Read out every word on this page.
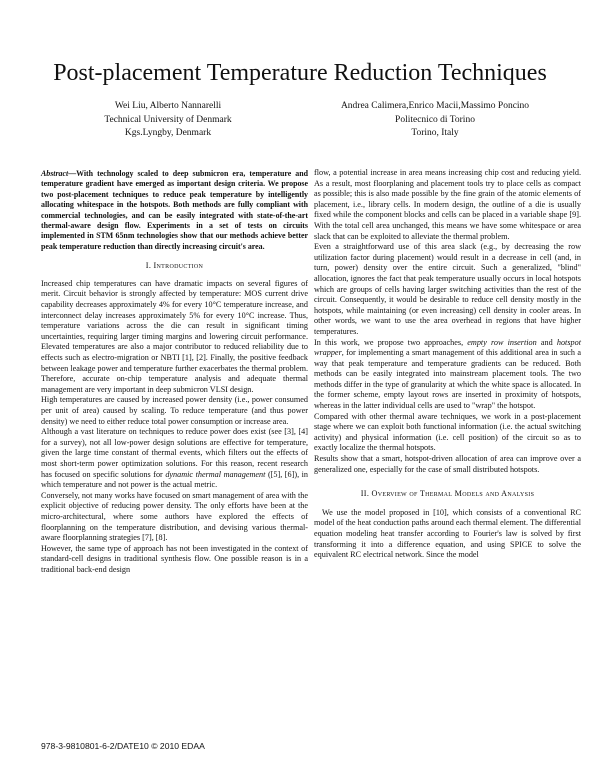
Post-placement Temperature Reduction Techniques
Wei Liu, Alberto Nannarelli
Technical University of Denmark
Kgs.Lyngby, Denmark
Andrea Calimera,Enrico Macii,Massimo Poncino
Politecnico di Torino
Torino, Italy

Abstract—With technology scaled to deep submicron era, temperature and temperature gradient have emerged as important design criteria. We propose two post-placement techniques to reduce peak temperature by intelligently allocating whitespace in the hotspots. Both methods are fully compliant with commercial technologies, and can be easily integrated with state-of-the-art thermal-aware design flow. Experiments in a set of tests on circuits implemented in STM 65nm technologies show that our methods achieve better peak temperature reduction than directly increasing circuit's area.

I. Introduction

Increased chip temperatures can have dramatic impacts on several figures of merit. Circuit behavior is strongly affected by temperature: MOS current drive capability decreases approximately 4% for every 10°C temperature increase, and interconnect delay increases approximately 5% for every 10°C increase. Thus, temperature variations across the die can result in significant timing uncertainties, requiring larger timing margins and lowering circuit performance. Elevated temperatures are also a major contributor to reduced reliability due to effects such as electro-migration or NBTI [1], [2]. Finally, the positive feedback between leakage power and temperature further exacerbates the thermal problem. Therefore, accurate on-chip temperature analysis and adequate thermal management are very important in deep submicron VLSI design.

High temperatures are caused by increased power density (i.e., power consumed per unit of area) caused by scaling. To reduce temperature (and thus power density) we need to either reduce total power consumption or increase area.

Although a vast literature on techniques to reduce power does exist (see [3], [4] for a survey), not all low-power design solutions are effective for temperature, given the large time constant of thermal events, which filters out the effects of most short-term power optimization solutions. For this reason, recent research has focused on specific solutions for dynamic thermal management ([5], [6]), in which temperature and not power is the actual metric.

Conversely, not many works have focused on smart management of area with the explicit objective of reducing power density. The only efforts have been at the micro-architectural, where some authors have explored the effects of floorplanning on the temperature distribution, and devising various thermal-aware floorplanning strategies [7], [8].

However, the same type of approach has not been investigated in the context of standard-cell designs in traditional synthesis flow. One possible reason is in a traditional back-end design

flow, a potential increase in area means increasing chip cost and reducing yield. As a result, most floorplaning and placement tools try to place cells as compact as possible; this is also made possible by the fine grain of the atomic elements of placement, i.e., library cells. In modern design, the outline of a die is usually fixed while the component blocks and cells can be placed in a variable shape [9]. With the total cell area unchanged, this means we have some whitespace or area slack that can be exploited to alleviate the thermal problem.

Even a straightforward use of this area slack (e.g., by decreasing the row utilization factor during placement) would result in a decrease in cell (and, in turn, power) density over the entire circuit. Such a generalized, "blind" allocation, ignores the fact that peak temperature usually occurs in local hotspots which are groups of cells having larger switching activities than the rest of the circuit. Consequently, it would be desirable to reduce cell density mostly in the hotspots, while maintaining (or even increasing) cell density in cooler areas. In other words, we want to use the area overhead in regions that have higher temperatures.

In this work, we propose two approaches, empty row insertion and hotspot wrapper, for implementing a smart management of this additional area in such a way that peak temperature and temperature gradients can be reduced. Both methods can be easily integrated into mainstream placement tools. The two methods differ in the type of granularity at which the white space is allocated. In the former scheme, empty layout rows are inserted in proximity of hotspots, whereas in the latter individual cells are used to "wrap" the hotspot.

Compared with other thermal aware techniques, we work in a post-placement stage where we can exploit both functional information (i.e. the actual switching activity) and physical information (i.e. cell position) of the circuit so as to exactly localize the thermal hotspots.

Results show that a smart, hotspot-driven allocation of area can improve over a generalized one, especially for the case of small distributed hotspots.

II. Overview of Thermal Models and Analysis

We use the model proposed in [10], which consists of a conventional RC model of the heat conduction paths around each thermal element. The differential equation modeling heat transfer according to Fourier's law is solved by first transforming it into a difference equation, and using SPICE to solve the equivalent RC electrical network. Since the model

978-3-9810801-6-2/DATE10 © 2010 EDAA
